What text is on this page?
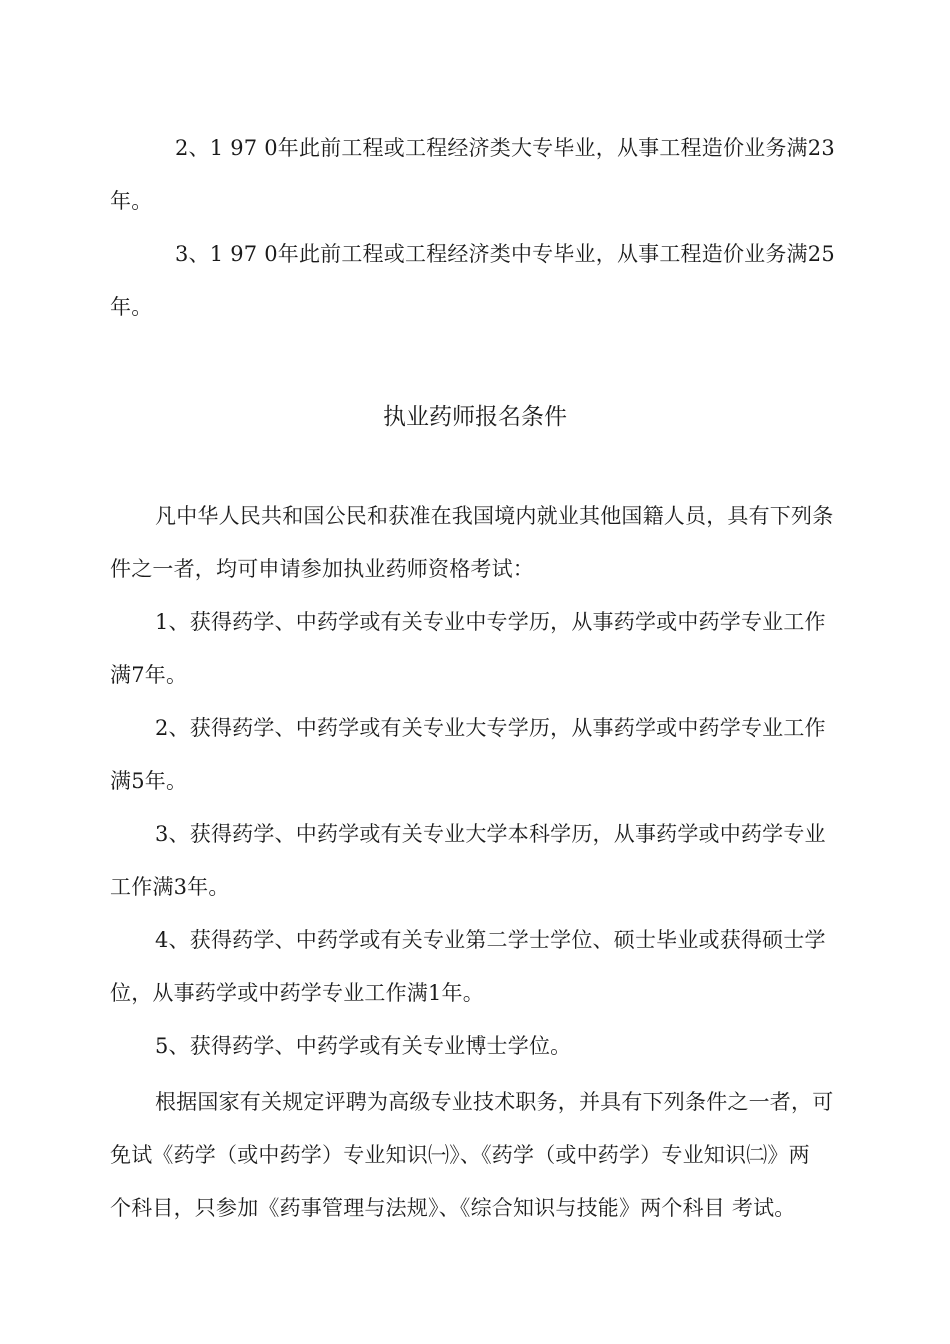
2、1 97 0年此前工程或工程经济类大专毕业，从事工程造价业务满23
年。
3、1 97 0年此前工程或工程经济类中专毕业，从事工程造价业务满25
年。
执业药师报名条件
凡中华人民共和国公民和获准在我国境内就业其他国籍人员，具有下列条
件之一者，均可申请参加执业药师资格考试：
1、获得药学、中药学或有关专业中专学历，从事药学或中药学专业工作
满7年。
2、获得药学、中药学或有关专业大专学历，从事药学或中药学专业工作
满5年。
3、获得药学、中药学或有关专业大学本科学历，从事药学或中药学专业
工作满3年。
4、获得药学、中药学或有关专业第二学士学位、硕士毕业或获得硕士学
位，从事药学或中药学专业工作满1年。
5、获得药学、中药学或有关专业博士学位。
根据国家有关规定评聘为高级专业技术职务，并具有下列条件之一者，可
免试《药学（或中药学）专业知识㈠》、《药学（或中药学）专业知识㈡》两
个科目，只参加《药事管理与法规》、《综合知识与技能》两个科目 考试。
